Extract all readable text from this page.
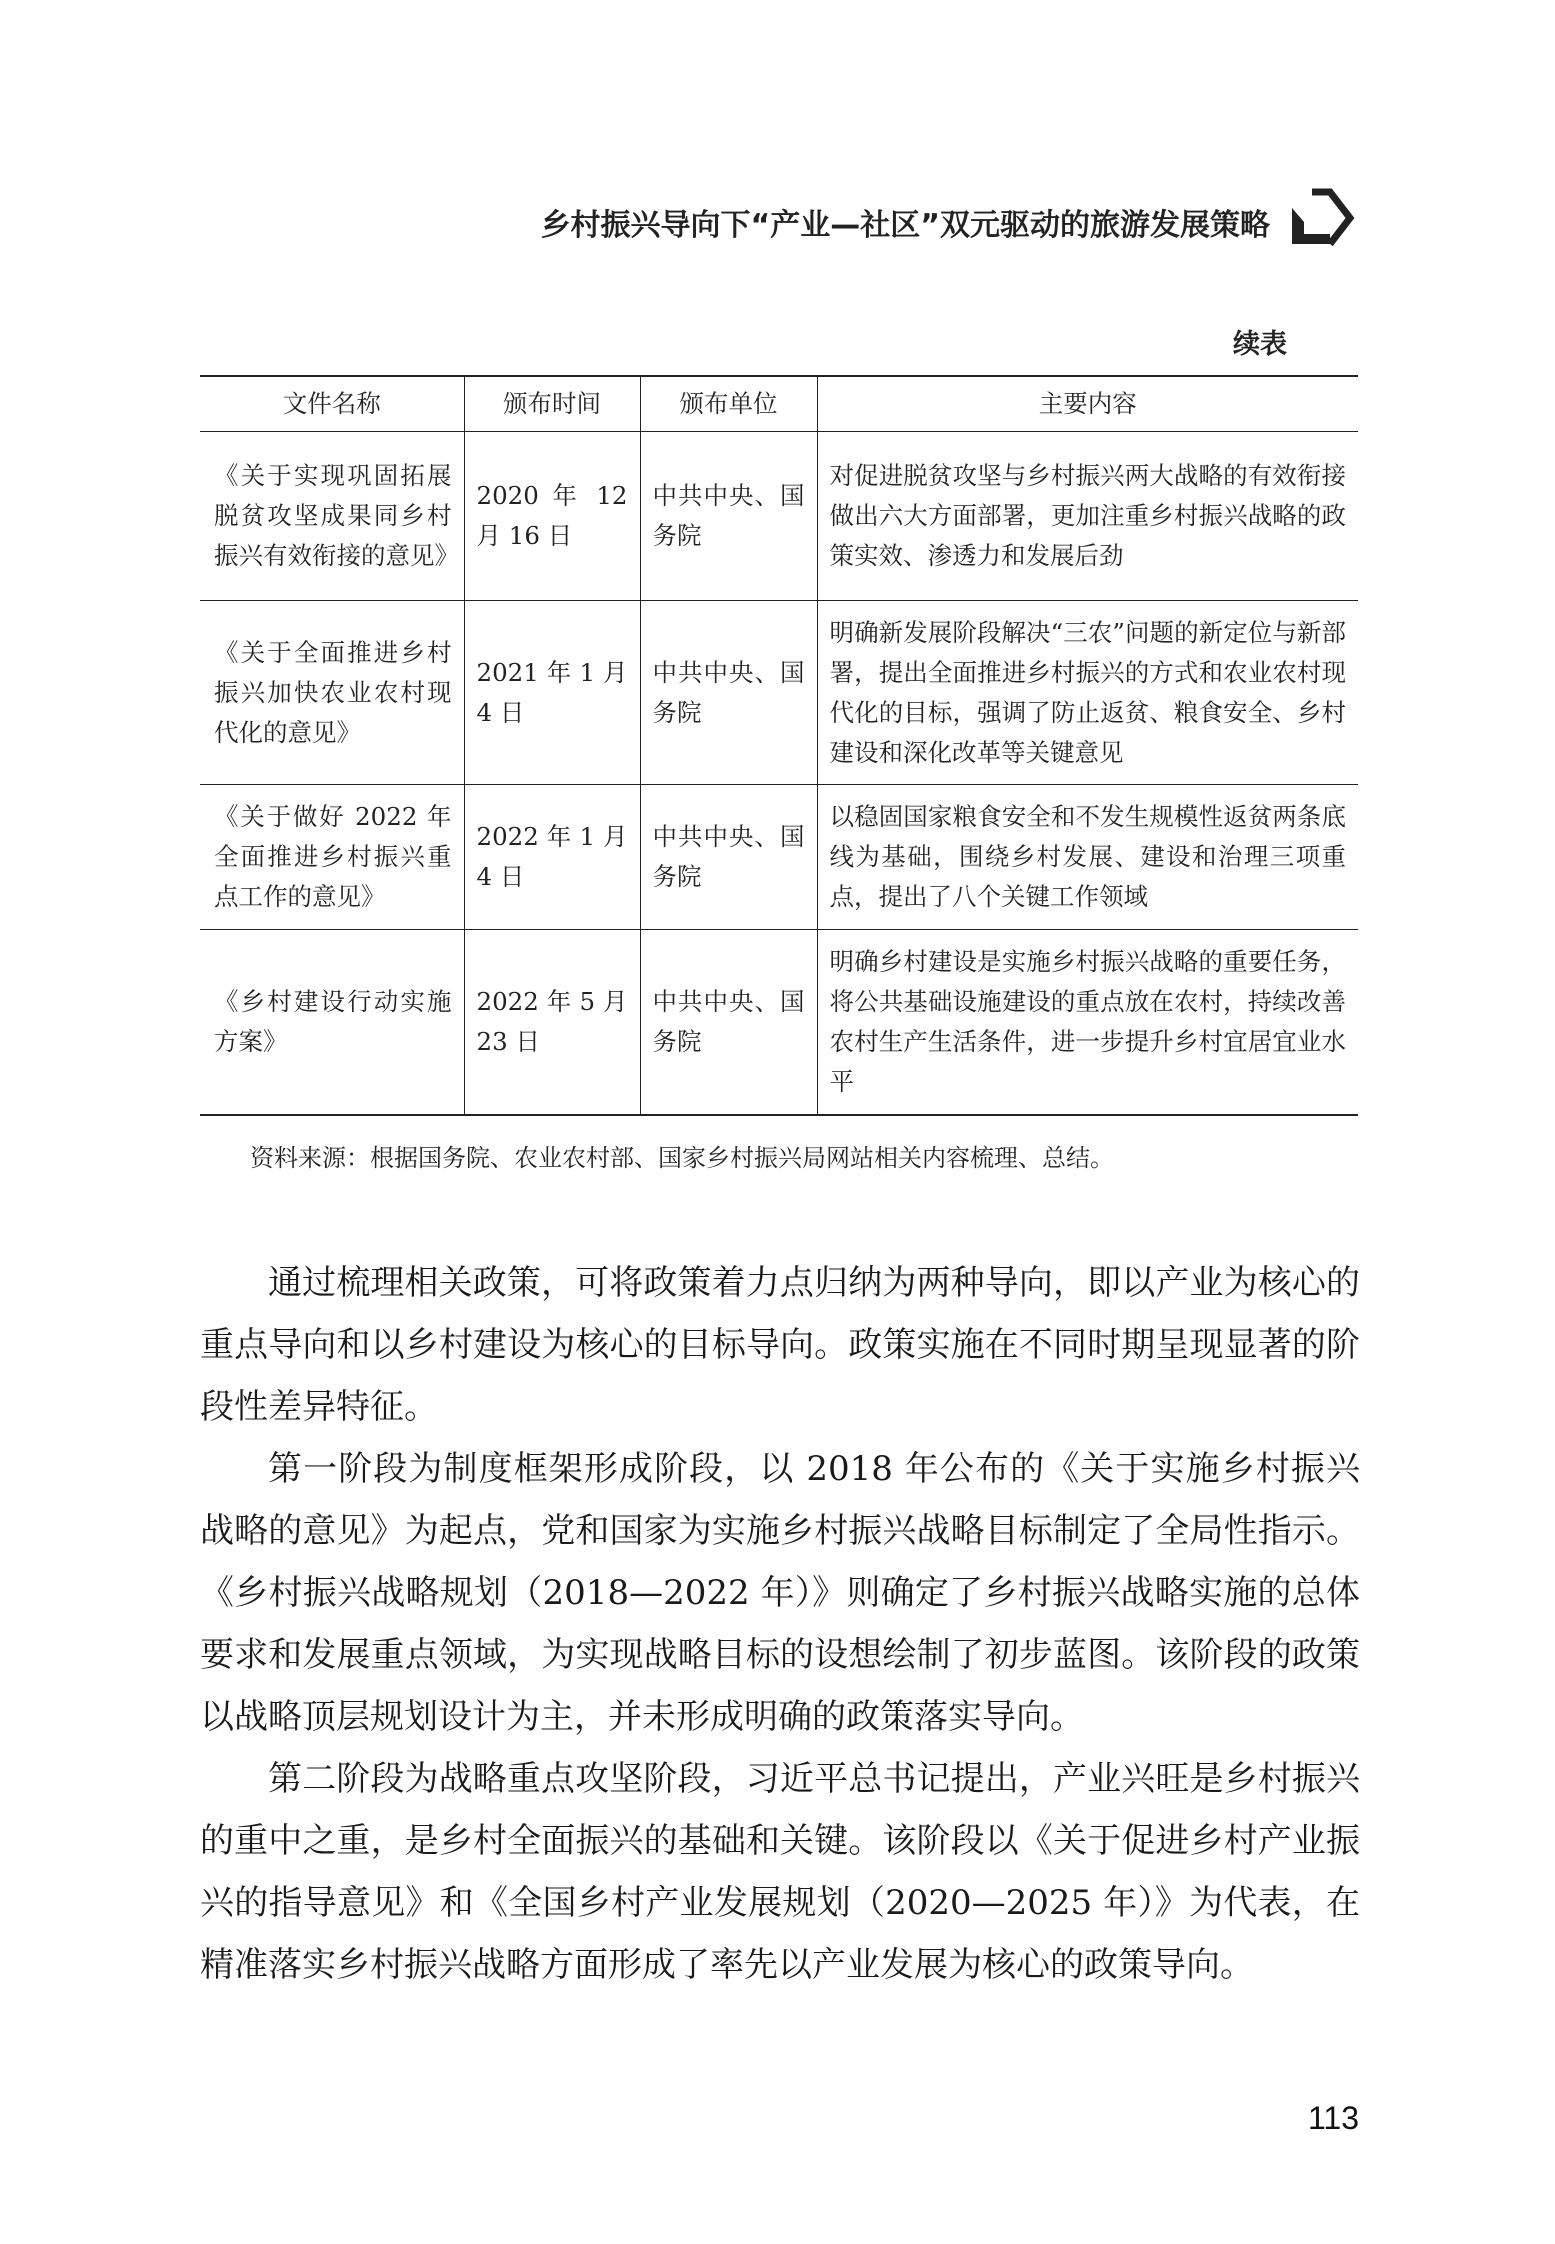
乡村振兴导向下“产业—社区”双元驱动的旅游发展策略
续表
文件名称	颁布时间	颁布单位	主要内容
《关于实现巩固拓展脱贫攻坚成果同乡村振兴有效衔接的意见》	2020 年 12 月 16 日	中共中央、国务院	对促进脱贫攻坚与乡村振兴两大战略的有效衔接做出六大方面部署，更加注重乡村振兴战略的政策实效、渗透力和发展后劲
《关于全面推进乡村振兴加快农业农村现代化的意见》	2021 年 1 月 4 日	中共中央、国务院	明确新发展阶段解决“三农”问题的新定位与新部署，提出全面推进乡村振兴的方式和农业农村现代化的目标，强调了防止返贫、粮食安全、乡村建设和深化改革等关键意见
《关于做好 2022 年全面推进乡村振兴重点工作的意见》	2022 年 1 月 4 日	中共中央、国务院	以稳固国家粮食安全和不发生规模性返贫两条底线为基础，围绕乡村发展、建设和治理三项重点，提出了八个关键工作领域
《乡村建设行动实施方案》	2022 年 5 月 23 日	中共中央、国务院	明确乡村建设是实施乡村振兴战略的重要任务，将公共基础设施建设的重点放在农村，持续改善农村生产生活条件，进一步提升乡村宜居宜业水平
资料来源：根据国务院、农业农村部、国家乡村振兴局网站相关内容梳理、总结。

通过梳理相关政策，可将政策着力点归纳为两种导向，即以产业为核心的重点导向和以乡村建设为核心的目标导向。政策实施在不同时期呈现显著的阶段性差异特征。

第一阶段为制度框架形成阶段，以 2018 年公布的《关于实施乡村振兴战略的意见》为起点，党和国家为实施乡村振兴战略目标制定了全局性指示。《乡村振兴战略规划（2018—2022 年）》则确定了乡村振兴战略实施的总体要求和发展重点领域，为实现战略目标的设想绘制了初步蓝图。该阶段的政策以战略顶层规划设计为主，并未形成明确的政策落实导向。

第二阶段为战略重点攻坚阶段，习近平总书记提出，产业兴旺是乡村振兴的重中之重，是乡村全面振兴的基础和关键。该阶段以《关于促进乡村产业振兴的指导意见》和《全国乡村产业发展规划（2020—2025 年）》为代表，在精准落实乡村振兴战略方面形成了率先以产业发展为核心的政策导向。

113
